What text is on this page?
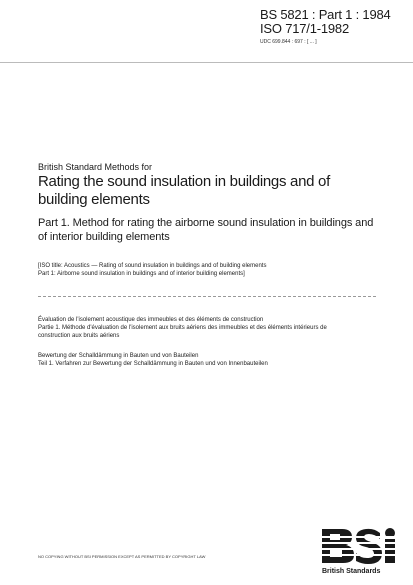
BS 5821 : Part 1 : 1984
ISO 717/1-1982
UDC 699.844 : 697 : [ ... ]
British Standard Methods for
Rating the sound insulation in buildings and of building elements
Part 1. Method for rating the airborne sound insulation in buildings and of interior building elements
[ISO title: Acoustics — Rating of sound insulation in buildings and of building elements
Part 1: Airborne sound insulation in buildings and of interior building elements]
Évaluation de l'isolement acoustique des immeubles et des éléments de construction
Partie 1. Méthode d'évaluation de l'isolement aux bruits aériens des immeubles et des éléments intérieurs de
construction aux bruits aériens
Bewertung der Schalldämmung in Bauten und von Bauteilen
Teil 1. Verfahren zur Bewertung der Schalldämmung in Bauten und von Innenbauteilen
NO COPYING WITHOUT BSI PERMISSION EXCEPT AS PERMITTED BY COPYRIGHT LAW
British Standards
